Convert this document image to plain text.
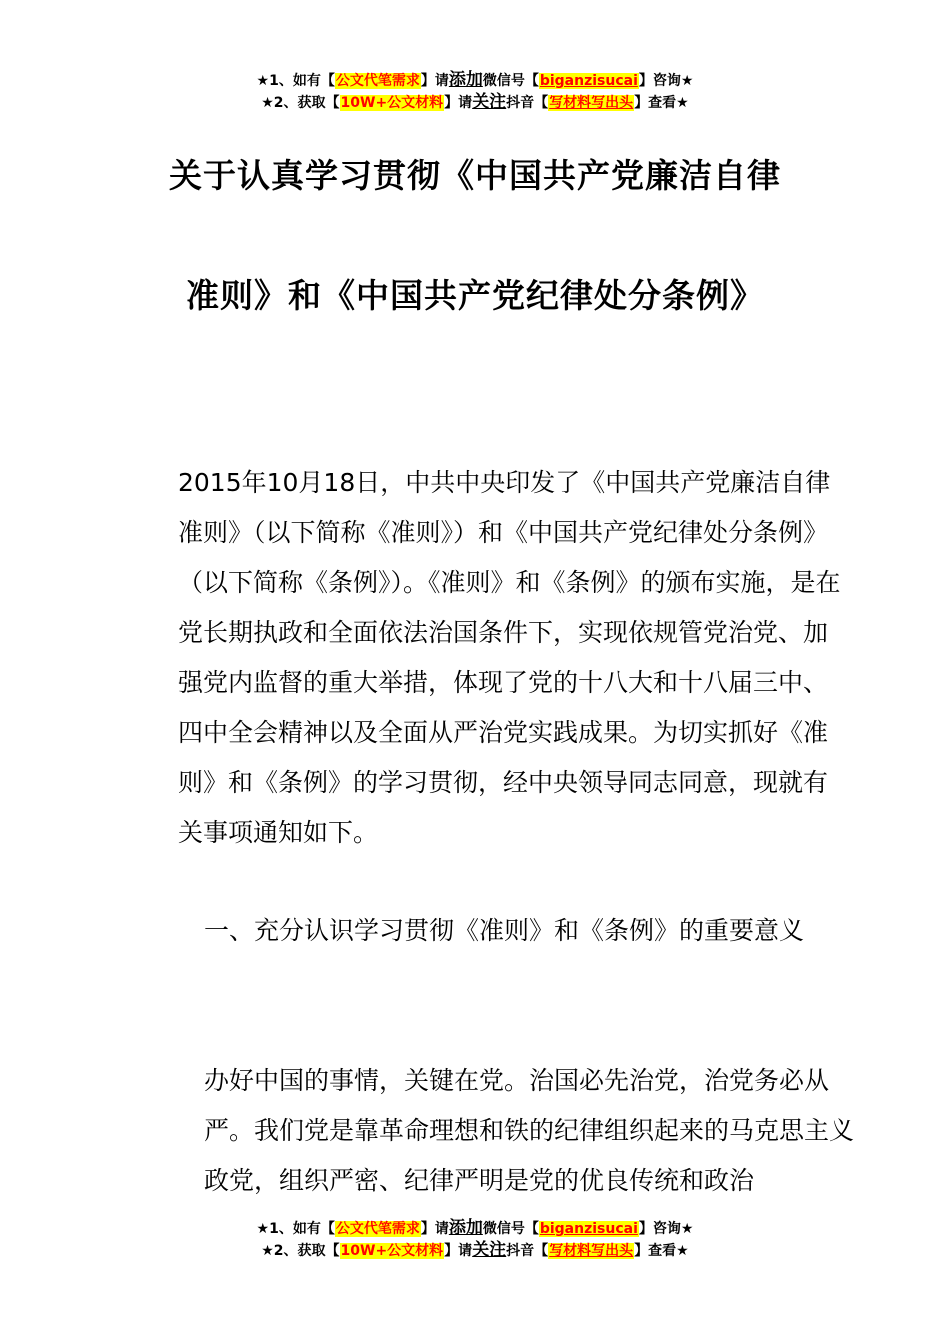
★1、如有【公文代笔需求】请添加微信号【biganzisucai】咨询★
★2、获取【10W+公文材料】请关注抖音【写材料写出头】查看★
关于认真学习贯彻《中国共产党廉洁自律
准则》和《中国共产党纪律处分条例》
2015年10月18日，中共中央印发了《中国共产党廉洁自律准则》（以下简称《准则》）和《中国共产党纪律处分条例》（以下简称《条例》）。《准则》和《条例》的颁布实施，是在党长期执政和全面依法治国条件下，实现依规管党治党、加强党内监督的重大举措，体现了党的十八大和十八届三中、四中全会精神以及全面从严治党实践成果。为切实抓好《准则》和《条例》的学习贯彻，经中央领导同志同意，现就有关事项通知如下。
一、充分认识学习贯彻《准则》和《条例》的重要意义
办好中国的事情，关键在党。治国必先治党，治党务必从严。我们党是靠革命理想和铁的纪律组织起来的马克思主义政党，组织严密、纪律严明是党的优良传统和政治
★1、如有【公文代笔需求】请添加微信号【biganzisucai】咨询★
★2、获取【10W+公文材料】请关注抖音【写材料写出头】查看★
